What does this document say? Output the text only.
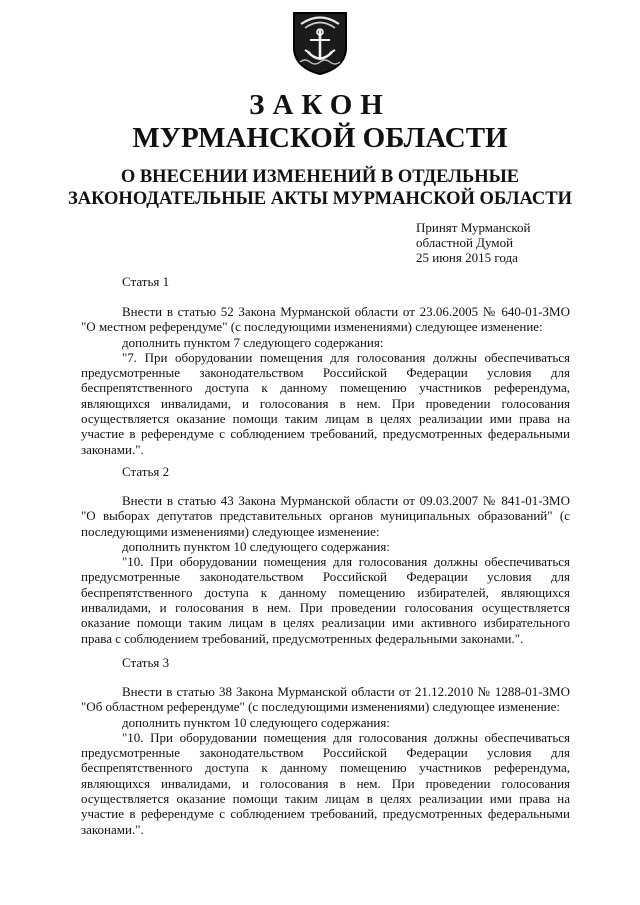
ЗАКОН
МУРМАНСКОЙ ОБЛАСТИ
О ВНЕСЕНИИ ИЗМЕНЕНИЙ В ОТДЕЛЬНЫЕ
ЗАКОНОДАТЕЛЬНЫЕ АКТЫ МУРМАНСКОЙ ОБЛАСТИ
Принят Мурманской
областной Думой
25 июня 2015 года
Статья 1

Внести в статью 52 Закона Мурманской области от 23.06.2005 № 640-01-ЗМО "О местном референдуме" (с последующими изменениями) следующее изменение:

дополнить пунктом 7 следующего содержания:

"7. При оборудовании помещения для голосования должны обеспечиваться предусмотренные законодательством Российской Федерации условия для беспрепятственного доступа к данному помещению участников референдума, являющихся инвалидами, и голосования в нем. При проведении голосования осуществляется оказание помощи таким лицам в целях реализации ими права на участие в референдуме с соблюдением требований, предусмотренных федеральными законами.".

Статья 2

Внести в статью 43 Закона Мурманской области от 09.03.2007 № 841-01-ЗМО "О выборах депутатов представительных органов муниципальных образований" (с последующими изменениями) следующее изменение:

дополнить пунктом 10 следующего содержания:

"10. При оборудовании помещения для голосования должны обеспечиваться предусмотренные законодательством Российской Федерации условия для беспрепятственного доступа к данному помещению избирателей, являющихся инвалидами, и голосования в нем. При проведении голосования осуществляется оказание помощи таким лицам в целях реализации ими активного избирательного права с соблюдением требований, предусмотренных федеральными законами.".

Статья 3

Внести в статью 38 Закона Мурманской области от 21.12.2010 № 1288-01-ЗМО "Об областном референдуме" (с последующими изменениями) следующее изменение:

дополнить пунктом 10 следующего содержания:

"10. При оборудовании помещения для голосования должны обеспечиваться предусмотренные законодательством Российской Федерации условия для беспрепятственного доступа к данному помещению участников референдума, являющихся инвалидами, и голосования в нем. При проведении голосования осуществляется оказание помощи таким лицам в целях реализации ими права на участие в референдуме с соблюдением требований, предусмотренных федеральными законами.".
